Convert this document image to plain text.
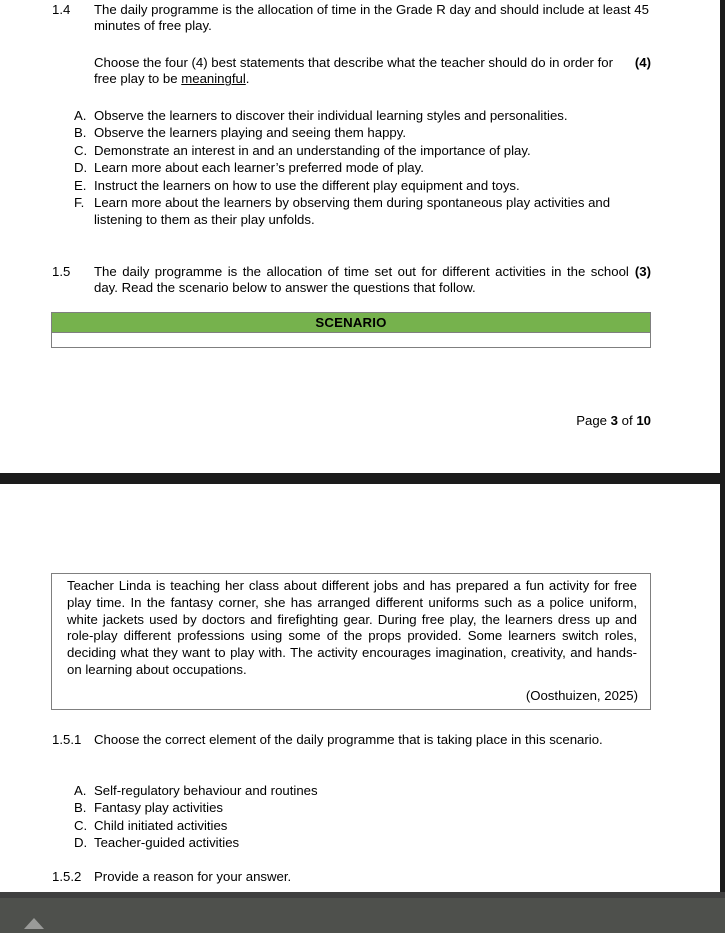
1.4 The daily programme is the allocation of time in the Grade R day and should include at least 45 minutes of free play.
(4)
Choose the four (4) best statements that describe what the teacher should do in order for free play to be meaningful.
A. Observe the learners to discover their individual learning styles and personalities.
B. Observe the learners playing and seeing them happy.
C. Demonstrate an interest in and an understanding of the importance of play.
D. Learn more about each learner’s preferred mode of play.
E. Instruct the learners on how to use the different play equipment and toys.
F. Learn more about the learners by observing them during spontaneous play activities and listening to them as their play unfolds.
1.5	(3)
The daily programme is the allocation of time set out for different activities in the school day. Read the scenario below to answer the questions that follow.
SCENARIO
Page 3 of 10
Teacher Linda is teaching her class about different jobs and has prepared a fun activity for free play time. In the fantasy corner, she has arranged different uniforms such as a police uniform, white jackets used by doctors and firefighting gear. During free play, the learners dress up and role-play different professions using some of the props provided. Some learners switch roles, deciding what they want to play with. The activity encourages imagination, creativity, and hands-on learning about occupations.
(Oosthuizen, 2025)
1.5.1 Choose the correct element of the daily programme that is taking place in this scenario.
A. Self-regulatory behaviour and routines
B. Fantasy play activities
C. Child initiated activities
D. Teacher-guided activities
1.5.2 Provide a reason for your answer.
